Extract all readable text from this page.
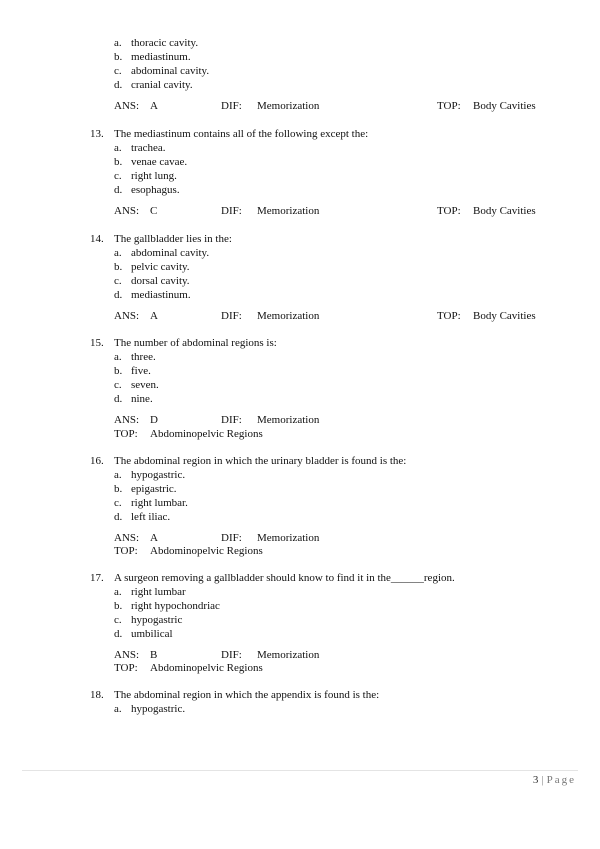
a. thoracic cavity.
b. mediastinum.
c. abdominal cavity.
d. cranial cavity.
ANS: A	DIF: Memorization	TOP: Body Cavities
13. The mediastinum contains all of the following except the:
a. trachea.
b. venae cavae.
c. right lung.
d. esophagus.
ANS: C	DIF: Memorization	TOP: Body Cavities
14. The gallbladder lies in the:
a. abdominal cavity.
b. pelvic cavity.
c. dorsal cavity.
d. mediastinum.
ANS: A	DIF: Memorization	TOP: Body Cavities
15. The number of abdominal regions is:
a. three.
b. five.
c. seven.
d. nine.
ANS: D	DIF: Memorization
TOP: Abdominopelvic Regions
16. The abdominal region in which the urinary bladder is found is the:
a. hypogastric.
b. epigastric.
c. right lumbar.
d. left iliac.
ANS: A	DIF: Memorization
TOP: Abdominopelvic Regions
17. A surgeon removing a gallbladder should know to find it in the______region.
a. right lumbar
b. right hypochondriac
c. hypogastric
d. umbilical
ANS: B	DIF: Memorization
TOP: Abdominopelvic Regions
18. The abdominal region in which the appendix is found is the:
a. hypogastric.
3 | Page
